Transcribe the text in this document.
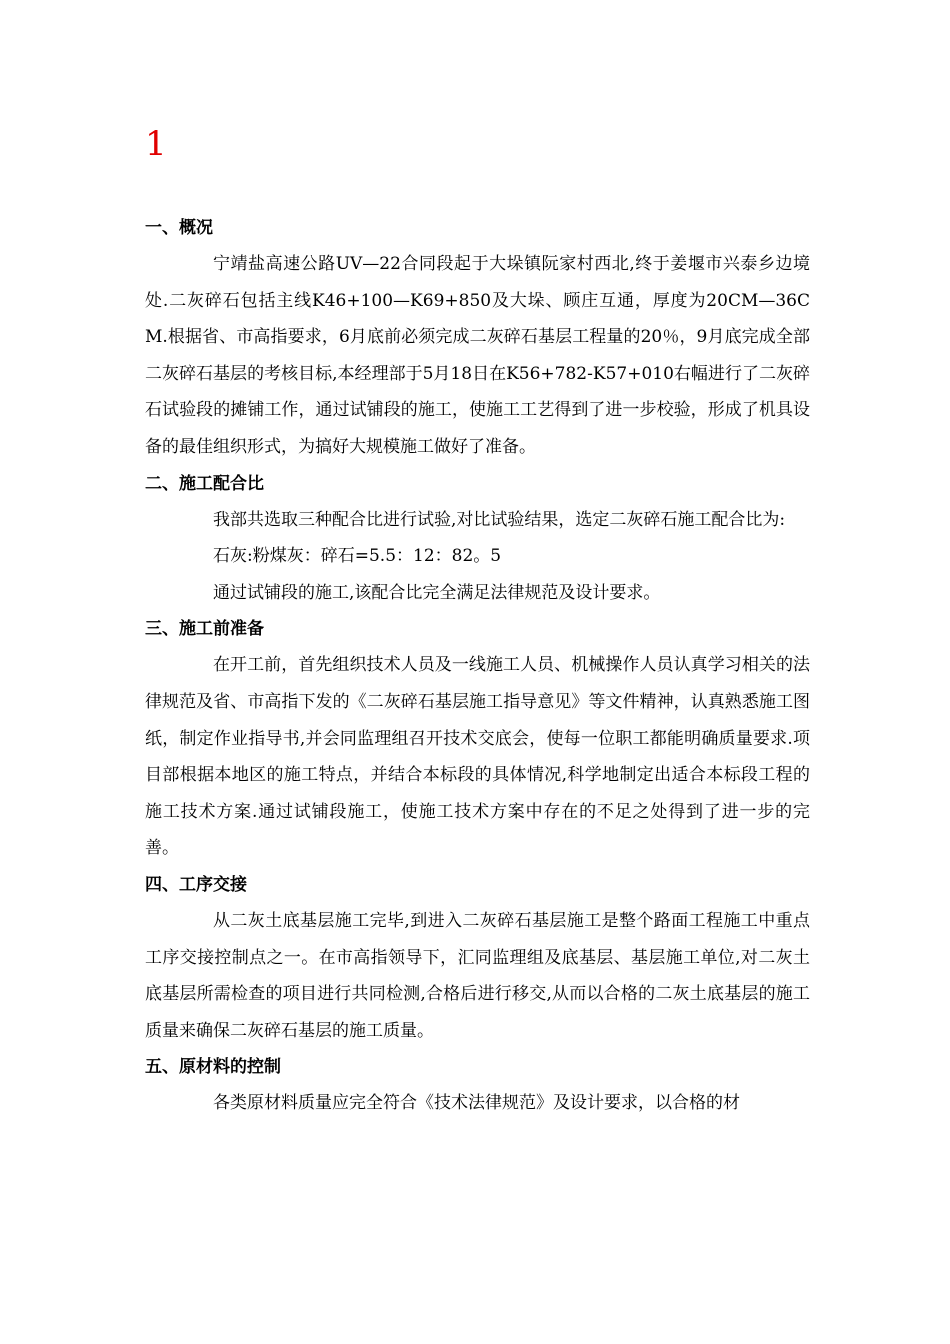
1
一、概况

宁靖盐高速公路UV—22合同段起于大垛镇阮家村西北,终于姜堰市兴泰乡边境处.二灰碎石包括主线K46+100—K69+850及大垛、顾庄互通，厚度为20CM—36CM.根据省、市高指要求，6月底前必须完成二灰碎石基层工程量的20％，9月底完成全部二灰碎石基层的考核目标,本经理部于5月18日在K56+782-K57+010右幅进行了二灰碎石试验段的摊铺工作，通过试铺段的施工，使施工工艺得到了进一步校验，形成了机具设备的最佳组织形式，为搞好大规模施工做好了准备。

二、施工配合比

我部共选取三种配合比进行试验,对比试验结果，选定二灰碎石施工配合比为:

石灰:粉煤灰：碎石=5.5：12：82。5

通过试铺段的施工,该配合比完全满足法律规范及设计要求。

三、施工前准备

在开工前，首先组织技术人员及一线施工人员、机械操作人员认真学习相关的法律规范及省、市高指下发的《二灰碎石基层施工指导意见》等文件精神，认真熟悉施工图纸，制定作业指导书,并会同监理组召开技术交底会，使每一位职工都能明确质量要求.项目部根据本地区的施工特点，并结合本标段的具体情况,科学地制定出适合本标段工程的施工技术方案.通过试铺段施工，使施工技术方案中存在的不足之处得到了进一步的完善。

四、工序交接

从二灰土底基层施工完毕,到进入二灰碎石基层施工是整个路面工程施工中重点工序交接控制点之一。在市高指领导下，汇同监理组及底基层、基层施工单位,对二灰土底基层所需检查的项目进行共同检测,合格后进行移交,从而以合格的二灰土底基层的施工质量来确保二灰碎石基层的施工质量。

五、原材料的控制

各类原材料质量应完全符合《技术法律规范》及设计要求，以合格的材
